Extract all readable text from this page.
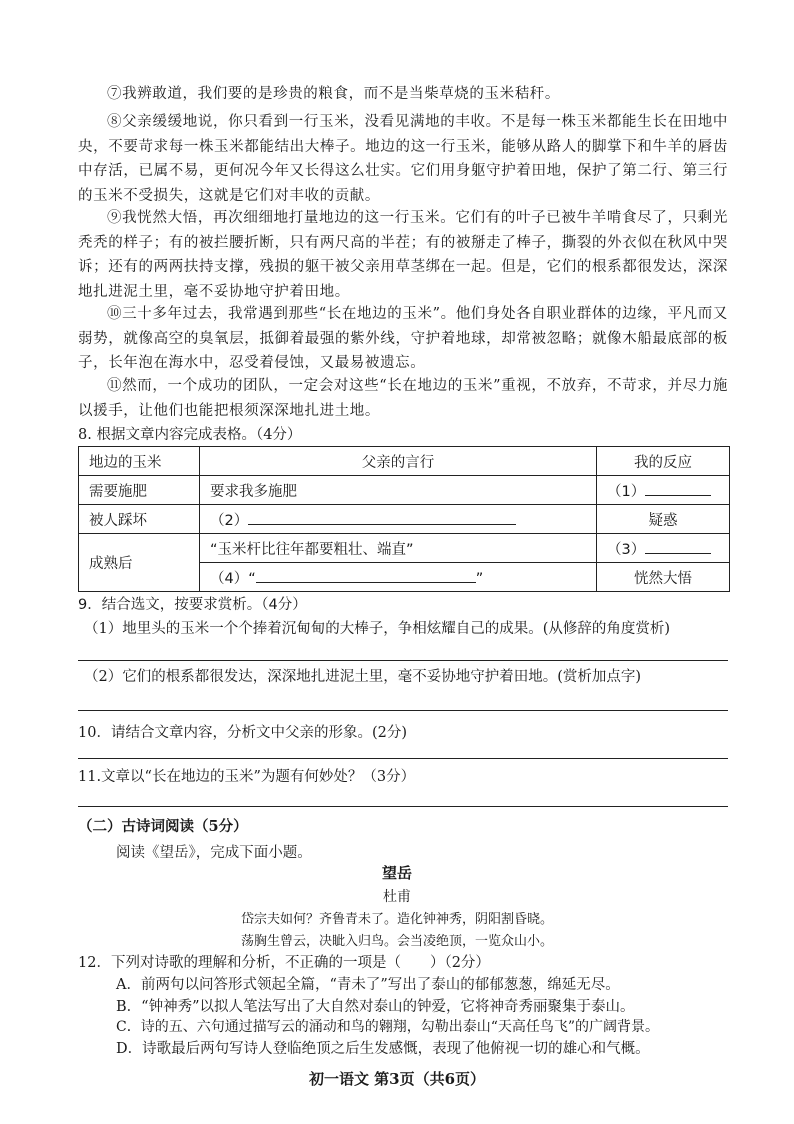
⑦我辨敢道，我们要的是珍贵的粮食，而不是当柴草烧的玉米秸秆。

⑧父亲缓缓地说，你只看到一行玉米，没看见满地的丰收。不是每一株玉米都能生长在田地中央，不要苛求每一株玉米都能结出大棒子。地边的这一行玉米，能够从路人的脚掌下和牛羊的唇齿中存活，已属不易，更何况今年又长得这么壮实。它们用身躯守护着田地，保护了第二行、第三行的玉米不受损失，这就是它们对丰收的贡献。

⑨我恍然大悟，再次细细地打量地边的这一行玉米。它们有的叶子已被牛羊啃食尽了，只剩光秃秃的样子；有的被拦腰折断，只有两尺高的半茬；有的被掰走了棒子，撕裂的外衣似在秋风中哭诉；还有的两两扶持支撑，残损的躯干被父亲用草茎绑在一起。但是，它们的根系都很发达，深深地扎进泥土里，毫不妥协地守护着田地。

⑩三十多年过去，我常遇到那些“长在地边的玉米”。他们身处各自职业群体的边缘，平凡而又弱势，就像高空的臭氧层，抵御着最强的紫外线，守护着地球，却常被忽略；就像木船最底部的板子，长年泡在海水中，忍受着侵蚀，又最易被遗忘。

⑪然而，一个成功的团队，一定会对这些“长在地边的玉米”重视，不放弃，不苛求，并尽力施以援手，让他们也能把根须深深地扎进土地。

8. 根据文章内容完成表格。（4分）

地边的玉米	父亲的言行	我的反应
需要施肥	要求我多施肥	（1）
被人踩坏	（2）	疑惑
成熟后	“玉米杆比往年都要粗壮、端直”	（3）
	（4）“ ”	恍然大悟

9．结合选文，按要求赏析。（4分）

（1）地里头的玉米一个个捧着沉甸甸的大棒子，争相炫耀自己的成果。(从修辞的角度赏析)

（2）它们的根系都很发达，深深地扎进泥土里，毫不妥协地守护着田地。(赏析加点字)

10．请结合文章内容，分析文中父亲的形象。(2分)

11.文章以“长在地边的玉米”为题有何妙处？（3分）

（二）古诗词阅读（5分）

阅读《望岳》，完成下面小题。

望岳

杜甫

岱宗夫如何？齐鲁青未了。造化钟神秀，阴阳割昏晓。

荡胸生曾云，决眦入归鸟。会当凌绝顶，一览众山小。

12．下列对诗歌的理解和分析，不正确的一项是（　　）（2分）

A．前两句以问答形式领起全篇，“青未了”写出了泰山的郁郁葱葱，绵延无尽。

B．“钟神秀”以拟人笔法写出了大自然对泰山的钟爱，它将神奇秀丽聚集于泰山。

C．诗的五、六句通过描写云的涌动和鸟的翱翔，勾勒出泰山“天高任鸟飞”的广阔背景。

D．诗歌最后两句写诗人登临绝顶之后生发感慨，表现了他俯视一切的雄心和气概。

初一语文 第3页（共6页）
